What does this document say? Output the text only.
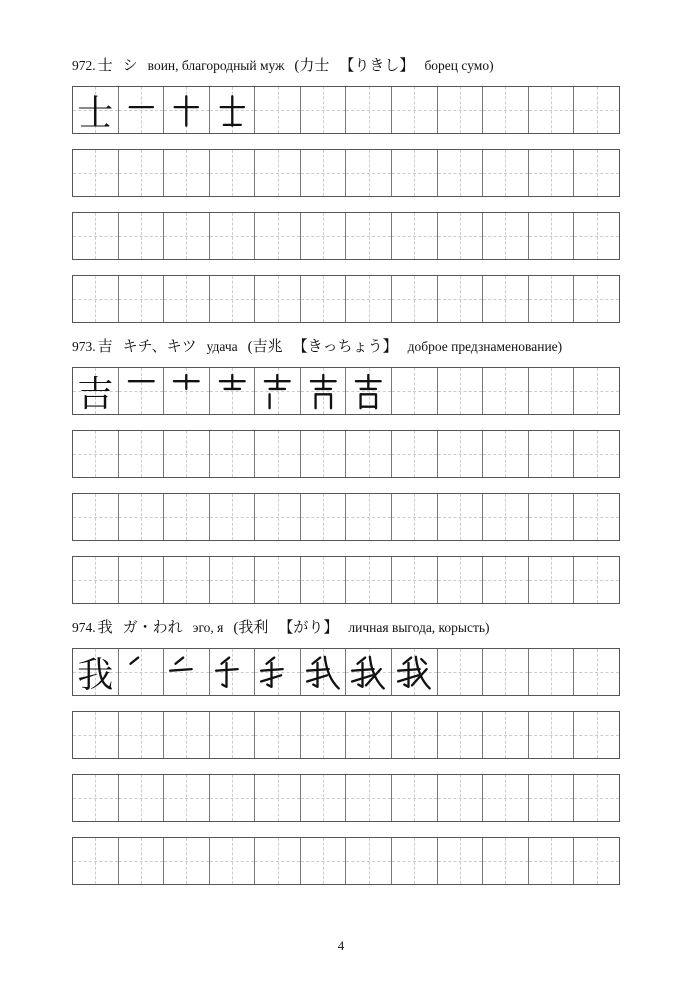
972. 士 シ воин, благородный муж (力士 【りきし】 борец сумо)
士
973. 吉 キチ、キツ удача (吉兆 【きっちょう】 доброе предзнаменование)
吉
974. 我 ガ・われ эго, я (我利 【がり】 личная выгода, корысть)
我
4
